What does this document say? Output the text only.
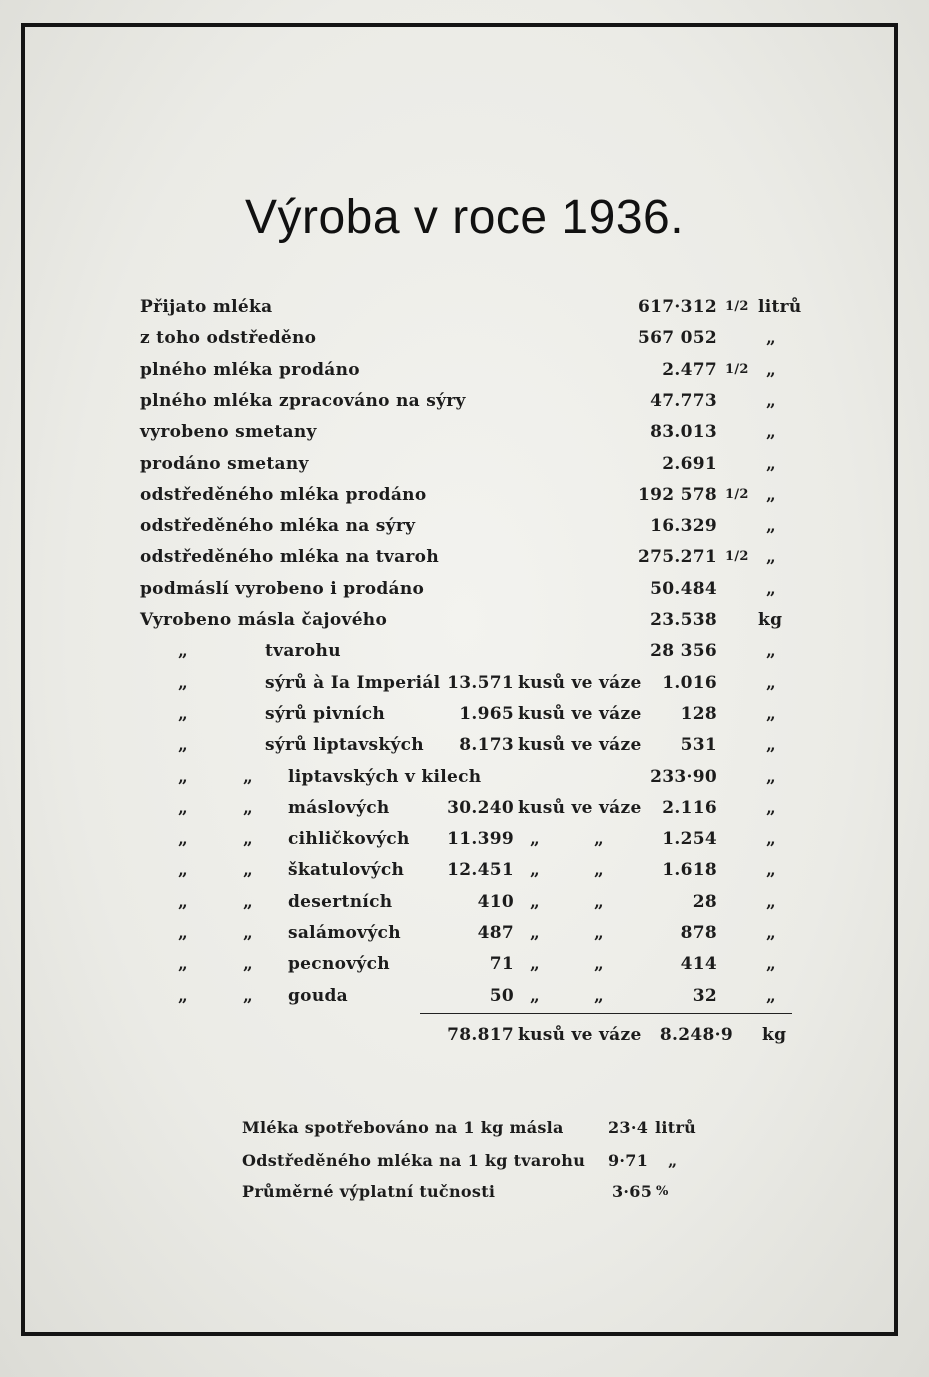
Výroba v roce 1936.
Přijato mléka	617·312 1/2 litrů
z toho odstředěno	567 052	„
plného mléka prodáno	2.477 1/2 „
plného mléka zpracováno na sýry	47.773	„
vyrobeno smetany	83.013	„
prodáno smetany	2.691	„
odstředěného mléka prodáno	192 578 1/2 „
odstředěného mléka na sýry	16.329	„
odstředěného mléka na tvaroh	275.271 1/2 „
podmáslí vyrobeno i prodáno	50.484	„
Vyrobeno másla čajového	23.538 kg
„	tvarohu	28 356	„
„	sýrů à Ia Imperiál 13.571 kusů ve váze 1.016	„
„	sýrů pivních	1.965 kusů ve váze 128	„
„	sýrů liptavských 8.173 kusů ve váze 531	„
„	„ liptavských v kilech	233·90	„
„	„ máslových	30.240 kusů ve váze 2.116	„
„	„ cihličkových 11.399 „	„	1.254	„
„	„ škatulových	12.451 „	„	1.618	„
„	„ desertních	410 „	„	28	„
„	„ salámových	487 „	„	878	„
„	„ pecnových	71 „	„	414	„
„	„ gouda	50 „	„	32	„
78.817 kusů ve váze 8.248·9 kg
Mléka spotřebováno na 1 kg másla	23·4 litrů
Odstředěného mléka na 1 kg tvarohu 9·71 „
Průměrné výplatní tučnosti	3·65 %
